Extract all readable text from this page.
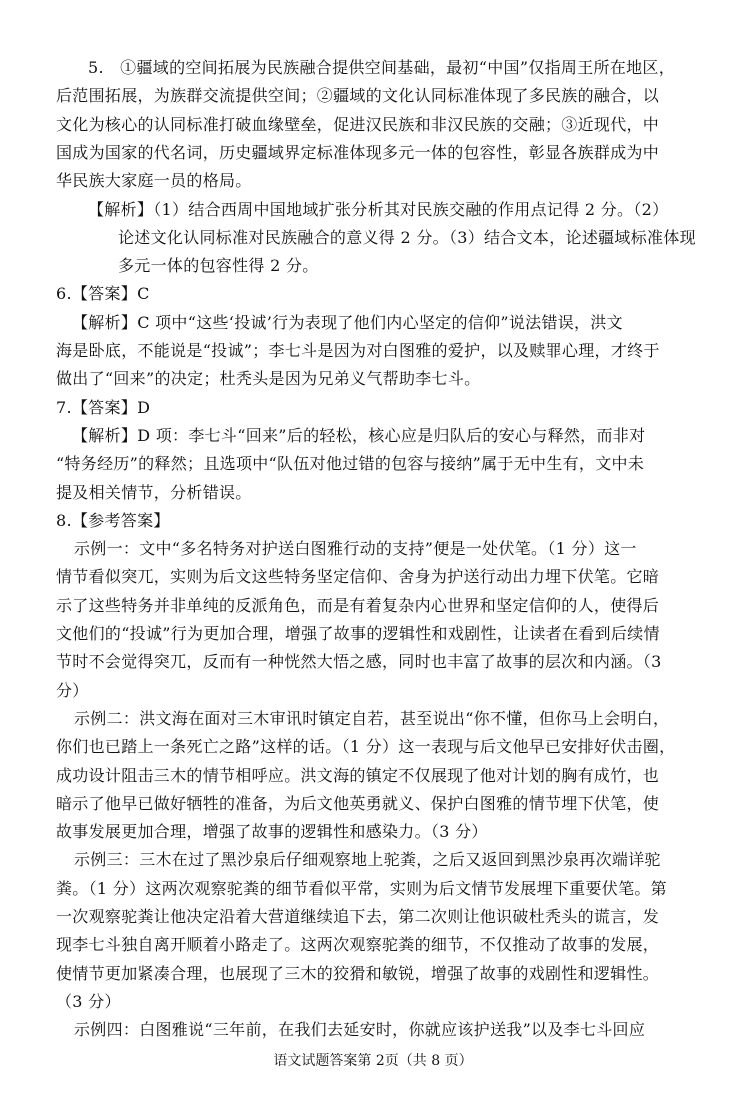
5.　①疆域的空间拓展为民族融合提供空间基础，最初“中国”仅指周王所在地区，
后范围拓展，为族群交流提供空间；②疆域的文化认同标准体现了多民族的融合，以
文化为核心的认同标准打破血缘壁垒，促进汉民族和非汉民族的交融；③近现代，中
国成为国家的代名词，历史疆域界定标准体现多元一体的包容性，彰显各族群成为中
华民族大家庭一员的格局。
【解析】（1）结合西周中国地域扩张分析其对民族交融的作用点记得 2 分。（2）
论述文化认同标准对民族融合的意义得 2 分。（3）结合文本，论述疆域标准体现
多元一体的包容性得 2 分。
6.【答案】C
【解析】C 项中“这些‘投诚’行为表现了他们内心坚定的信仰”说法错误，洪文
海是卧底，不能说是“投诚”；李七斗是因为对白图雅的爱护，以及赎罪心理，才终于
做出了“回来”的决定；杜秃头是因为兄弟义气帮助李七斗。
7.【答案】D
【解析】D 项：李七斗“回来”后的轻松，核心应是归队后的安心与释然，而非对
“特务经历”的释然；且选项中“队伍对他过错的包容与接纳”属于无中生有，文中未
提及相关情节，分析错误。
8.【参考答案】
示例一：文中“多名特务对护送白图雅行动的支持”便是一处伏笔。（1 分）这一
情节看似突兀，实则为后文这些特务坚定信仰、舍身为护送行动出力埋下伏笔。它暗
示了这些特务并非单纯的反派角色，而是有着复杂内心世界和坚定信仰的人，使得后
文他们的“投诚”行为更加合理，增强了故事的逻辑性和戏剧性，让读者在看到后续情
节时不会觉得突兀，反而有一种恍然大悟之感，同时也丰富了故事的层次和内涵。（3
分）
示例二：洪文海在面对三木审讯时镇定自若，甚至说出“你不懂，但你马上会明白，
你们也已踏上一条死亡之路”这样的话。（1 分）这一表现与后文他早已安排好伏击圈，
成功设计阻击三木的情节相呼应。洪文海的镇定不仅展现了他对计划的胸有成竹，也
暗示了他早已做好牺牲的准备，为后文他英勇就义、保护白图雅的情节埋下伏笔，使
故事发展更加合理，增强了故事的逻辑性和感染力。（3 分）
示例三：三木在过了黑沙泉后仔细观察地上驼粪，之后又返回到黑沙泉再次端详驼
粪。（1 分）这两次观察驼粪的细节看似平常，实则为后文情节发展埋下重要伏笔。第
一次观察驼粪让他决定沿着大营道继续追下去，第二次则让他识破杜秃头的谎言，发
现李七斗独自离开顺着小路走了。这两次观察驼粪的细节，不仅推动了故事的发展，
使情节更加紧凑合理，也展现了三木的狡猾和敏锐，增强了故事的戏剧性和逻辑性。
（3 分）
语文试题答案第 2页（共 8 页）
示例四：白图雅说“三年前，在我们去延安时，你就应该护送我”以及李七斗回应
